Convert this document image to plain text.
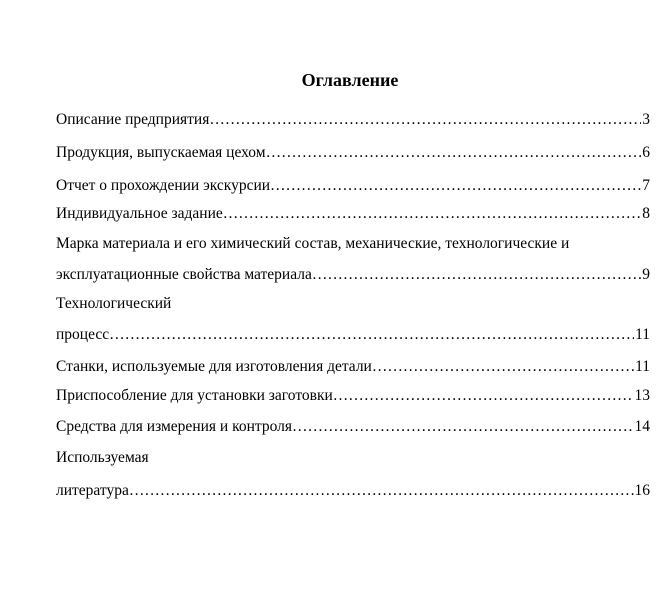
Оглавление
Описание предприятия …………………………………………………………………………………………………………………………………………………………	3
Продукция, выпускаемая цехом …………………………………………………………………………………………………………………………………………………………	6
Отчет о прохождении экскурсии …………………………………………………………………………………………………………………………………………………………	7
Индивидуальное задание …………………………………………………………………………………………………………………………………………………………	8
Марка материала и его химический состав, механические, технологические и
эксплуатационные свойства материала …………………………………………………………………………………………………………………………………………………………	9
Технологический
процесс …………………………………………………………………………………………………………………………………………………………	11
Станки, используемые для изготовления детали …………………………………………………………………………………………………………………………………………………………	11
Приспособление для установки заготовки …………………………………………………………………………………………………………………………………………………………	13
Средства для измерения и контроля …………………………………………………………………………………………………………………………………………………………	14
Используемая
литература …………………………………………………………………………………………………………………………………………………………	16
